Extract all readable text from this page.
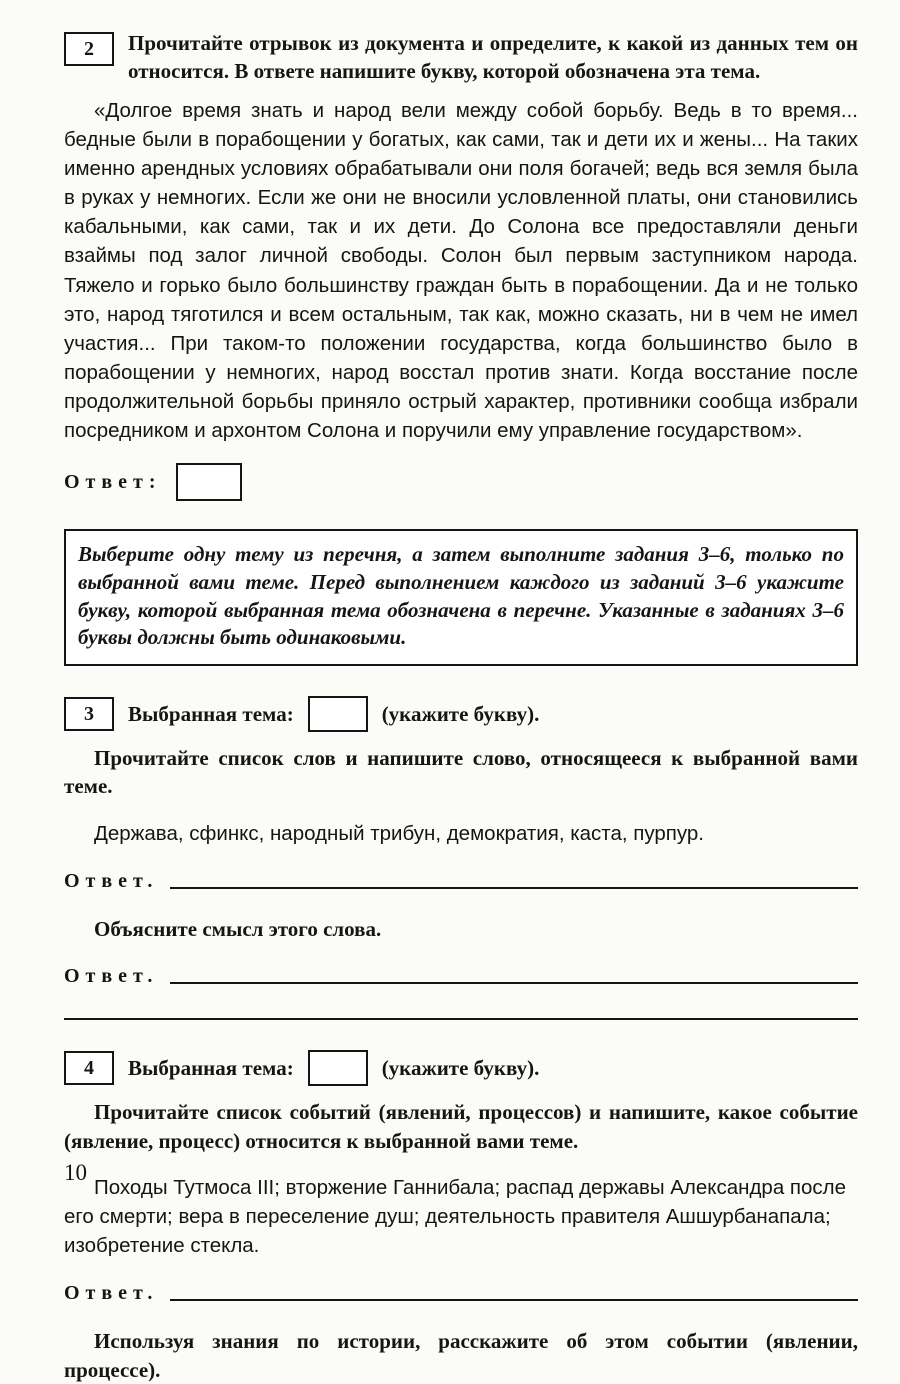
2	Прочитайте отрывок из документа и определите, к какой из данных тем он относится. В ответе напишите букву, которой обозначена эта тема.
«Долгое время знать и народ вели между собой борьбу. Ведь в то время... бедные были в порабощении у богатых, как сами, так и дети их и жены... На таких именно арендных условиях обрабатывали они поля богачей; ведь вся земля была в руках у немногих. Если же они не вносили условленной платы, они становились кабальными, как сами, так и их дети. До Солона все предоставляли деньги взаймы под залог личной свободы. Солон был первым заступником народа. Тяжело и горько было большинству граждан быть в порабощении. Да и не только это, народ тяготился и всем остальным, так как, можно сказать, ни в чем не имел участия... При таком-то положении государства, когда большинство было в порабощении у немногих, народ восстал против знати. Когда восстание после продолжительной борьбы приняло острый характер, противники сообща избрали посредником и архонтом Солона и поручили ему управление государством».
Ответ:
Выберите одну тему из перечня, а затем выполните задания 3–6, только по выбранной вами теме. Перед выполнением каждого из заданий 3–6 укажите букву, которой выбранная тема обозначена в перечне. Указанные в заданиях 3–6 буквы должны быть одинаковыми.
3	Выбранная тема:	(укажите букву).
Прочитайте список слов и напишите слово, относящееся к выбранной вами теме.
Держава, сфинкс, народный трибун, демократия, каста, пурпур.
Ответ.
Объясните смысл этого слова.
Ответ.
4	Выбранная тема:	(укажите букву).
Прочитайте список событий (явлений, процессов) и напишите, какое событие (явление, процесс) относится к выбранной вами теме.
Походы Тутмоса III; вторжение Ганнибала; распад державы Александра после его смерти; вера в переселение душ; деятельность правителя Ашшурбанапала; изобретение стекла.
Ответ.
Используя знания по истории, расскажите об этом событии (явлении, процессе).
10
